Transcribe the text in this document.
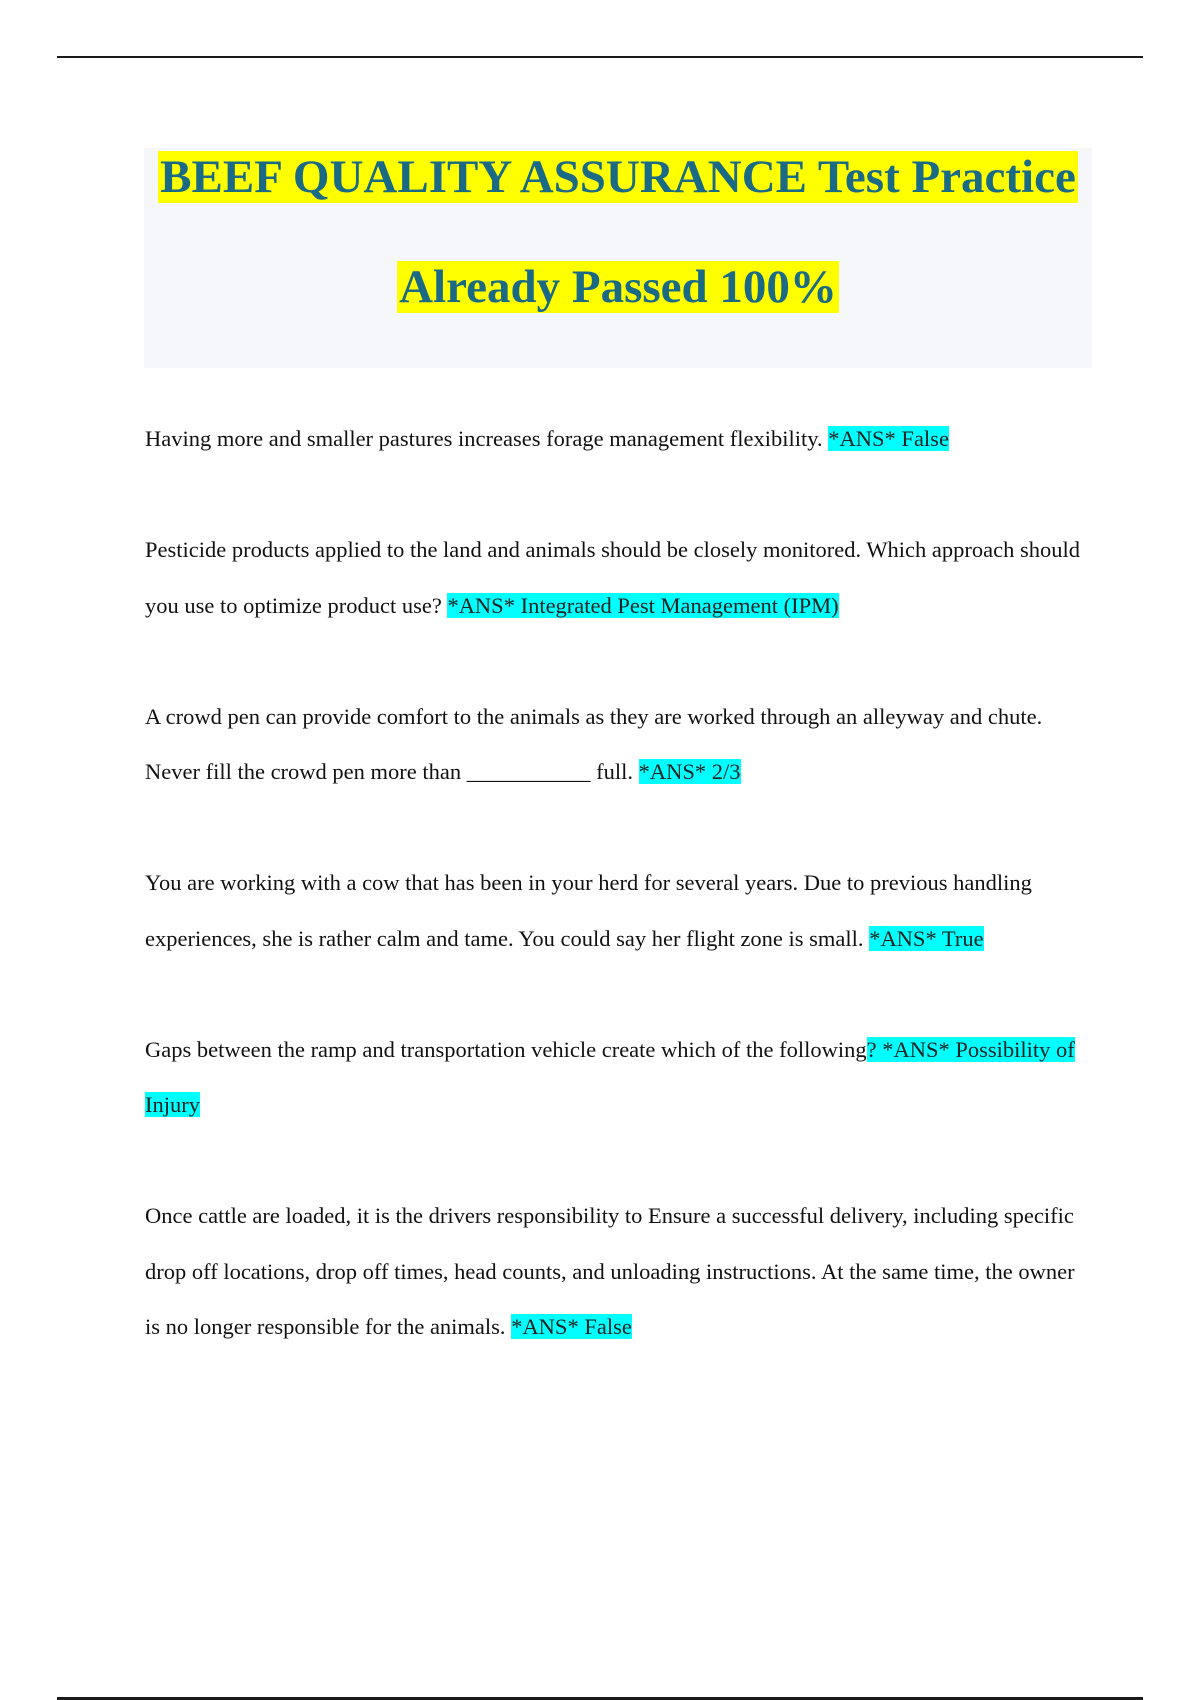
BEEF QUALITY ASSURANCE Test Practice
Already Passed 100%

Having more and smaller pastures increases forage management flexibility. *ANS* False

Pesticide products applied to the land and animals should be closely monitored. Which approach should you use to optimize product use? *ANS* Integrated Pest Management (IPM)

A crowd pen can provide comfort to the animals as they are worked through an alleyway and chute. Never fill the crowd pen more than ___________ full. *ANS* 2/3

You are working with a cow that has been in your herd for several years. Due to previous handling experiences, she is rather calm and tame. You could say her flight zone is small. *ANS* True

Gaps between the ramp and transportation vehicle create which of the following? *ANS* Possibility of Injury

Once cattle are loaded, it is the drivers responsibility to Ensure a successful delivery, including specific drop off locations, drop off times, head counts, and unloading instructions. At the same time, the owner is no longer responsible for the animals. *ANS* False
